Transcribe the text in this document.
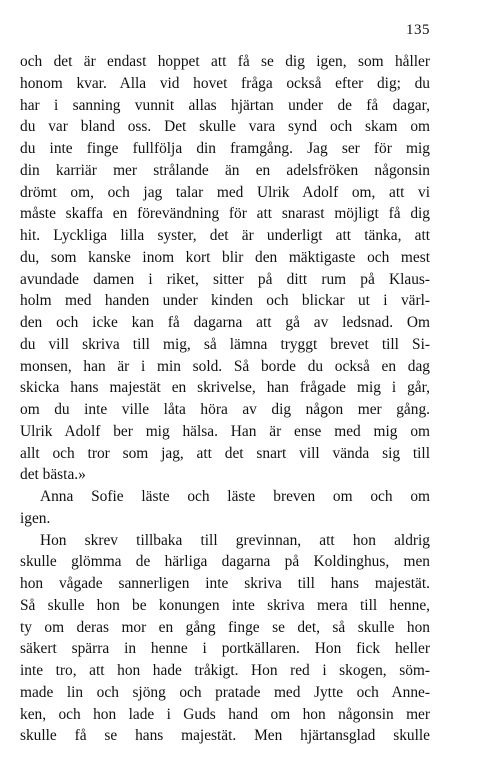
135
och det är endast hoppet att få se dig igen, som håller
honom kvar. Alla vid hovet fråga också efter dig; du
har i sanning vunnit allas hjärtan under de få dagar,
du var bland oss. Det skulle vara synd och skam om
du inte finge fullfölja din framgång. Jag ser för mig
din karriär mer strålande än en adelsfröken någonsin
drömt om, och jag talar med Ulrik Adolf om, att vi
måste skaffa en förevändning för att snarast möjligt få dig
hit. Lyckliga lilla syster, det är underligt att tänka, att
du, som kanske inom kort blir den mäktigaste och mest
avundade damen i riket, sitter på ditt rum på Klaus-
holm med handen under kinden och blickar ut i värl-
den och icke kan få dagarna att gå av ledsnad. Om
du vill skriva till mig, så lämna tryggt brevet till Si-
monsen, han är i min sold. Så borde du också en dag
skicka hans majestät en skrivelse, han frågade mig i går,
om du inte ville låta höra av dig någon mer gång.
Ulrik Adolf ber mig hälsa. Han är ense med mig om
allt och tror som jag, att det snart vill vända sig till
det bästa.»
Anna Sofie läste och läste breven om och om
igen.
Hon skrev tillbaka till grevinnan, att hon aldrig
skulle glömma de härliga dagarna på Koldinghus, men
hon vågade sannerligen inte skriva till hans majestät.
Så skulle hon be konungen inte skriva mera till henne,
ty om deras mor en gång finge se det, så skulle hon
säkert spärra in henne i portkällaren. Hon fick heller
inte tro, att hon hade tråkigt. Hon red i skogen, söm-
made lin och sjöng och pratade med Jytte och Anne-
ken, och hon lade i Guds hand om hon någonsin mer
skulle få se hans majestät. Men hjärtansglad skulle
